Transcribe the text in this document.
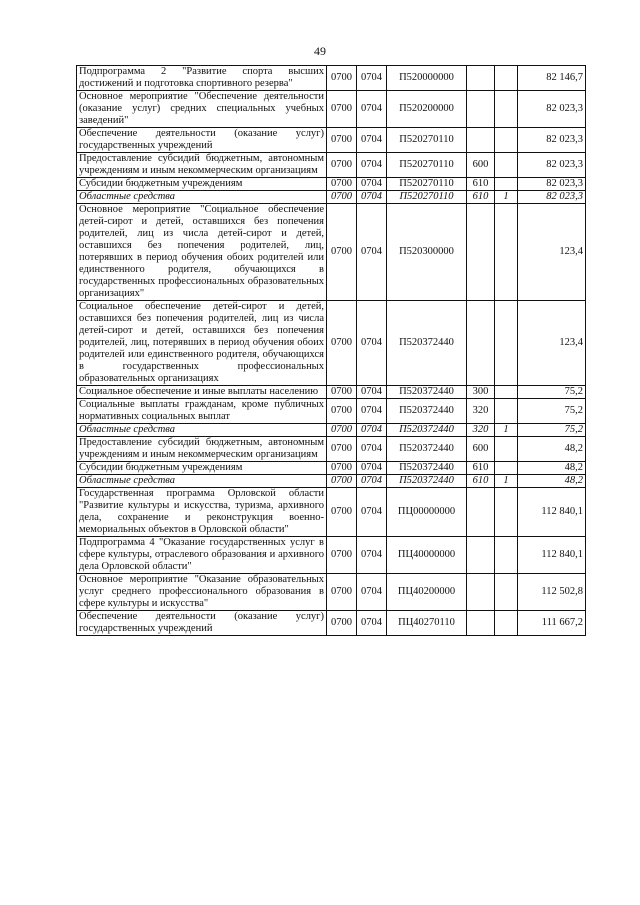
49
Подпрограмма 2 "Развитие спорта высших достижений и подготовка спортивного резерва"	0700	0704	П520000000			82 146,7
Основное мероприятие "Обеспечение деятельности (оказание услуг) средних специальных учебных заведений"	0700	0704	П520200000			82 023,3
Обеспечение деятельности (оказание услуг) государственных учреждений	0700	0704	П520270110			82 023,3
Предоставление субсидий бюджетным, автономным учреждениям и иным некоммерческим организациям	0700	0704	П520270110	600		82 023,3
Субсидии бюджетным учреждениям	0700	0704	П520270110	610		82 023,3
Областные средства	0700	0704	П520270110	610	1	82 023,3
Основное мероприятие "Социальное обеспечение детей-сирот и детей, оставшихся без попечения родителей, лиц из числа детей-сирот и детей, оставшихся без попечения родителей, лиц, потерявших в период обучения обоих родителей или единственного родителя, обучающихся в государственных профессиональных образовательных организациях"	0700	0704	П520300000			123,4
Социальное обеспечение детей-сирот и детей, оставшихся без попечения родителей, лиц из числа детей-сирот и детей, оставшихся без попечения родителей, лиц, потерявших в период обучения обоих родителей или единственного родителя, обучающихся в государственных профессиональных образовательных организациях	0700	0704	П520372440			123,4
Социальное обеспечение и иные выплаты населению	0700	0704	П520372440	300		75,2
Социальные выплаты гражданам, кроме публичных нормативных социальных выплат	0700	0704	П520372440	320		75,2
Областные средства	0700	0704	П520372440	320	1	75,2
Предоставление субсидий бюджетным, автономным учреждениям и иным некоммерческим организациям	0700	0704	П520372440	600		48,2
Субсидии бюджетным учреждениям	0700	0704	П520372440	610		48,2
Областные средства	0700	0704	П520372440	610	1	48,2
Государственная программа Орловской области "Развитие культуры и искусства, туризма, архивного дела, сохранение и реконструкция военно-мемориальных объектов в Орловской области"	0700	0704	ПЦ00000000			112 840,1
Подпрограмма 4 "Оказание государственных услуг в сфере культуры, отраслевого образования и архивного дела Орловской области"	0700	0704	ПЦ40000000			112 840,1
Основное мероприятие "Оказание образовательных услуг среднего профессионального образования в сфере культуры и искусства"	0700	0704	ПЦ40200000			112 502,8
Обеспечение деятельности (оказание услуг) государственных учреждений	0700	0704	ПЦ40270110			111 667,2
